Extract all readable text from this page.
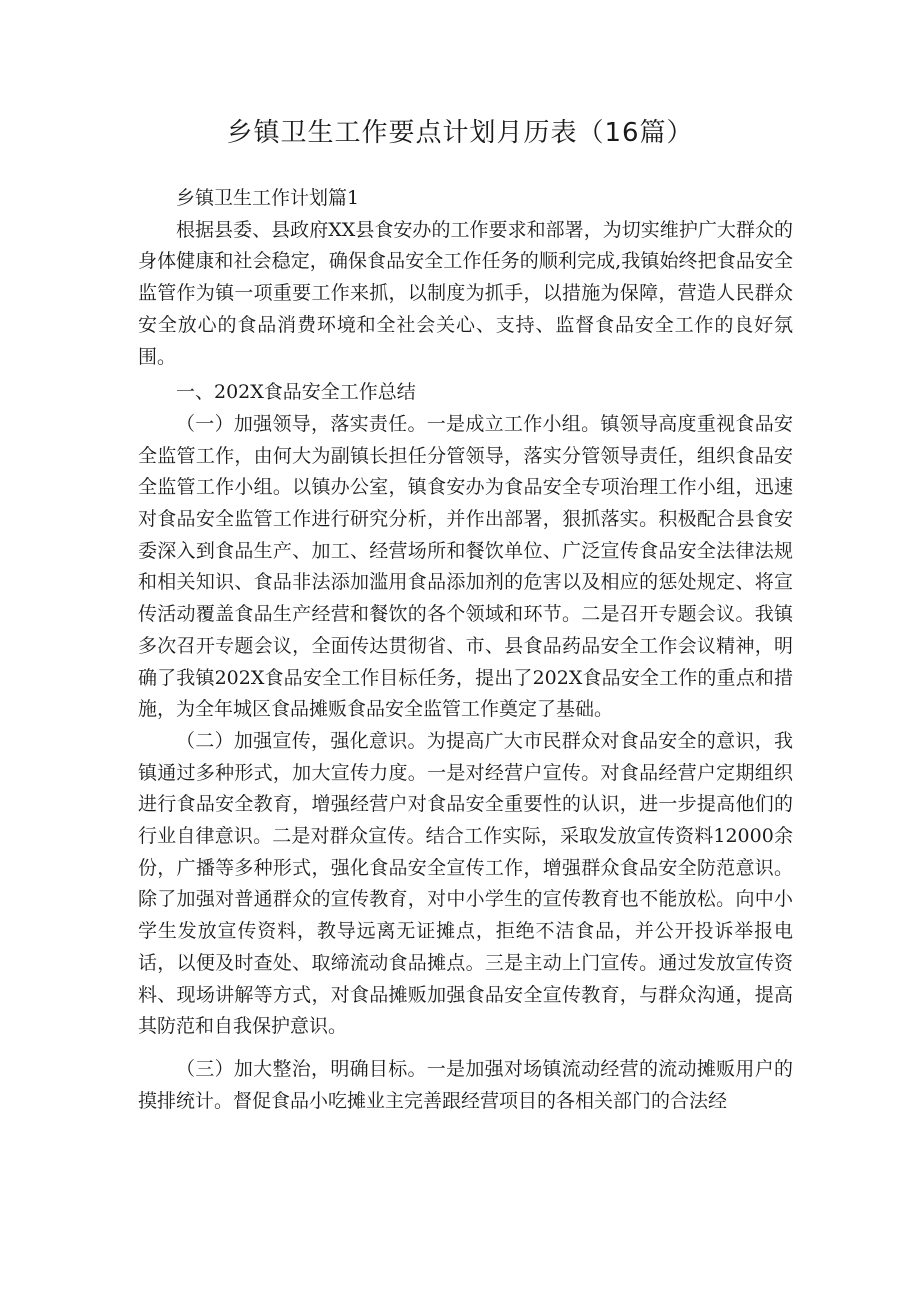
乡镇卫生工作要点计划月历表（16篇）

乡镇卫生工作计划篇1

根据县委、县政府XX县食安办的工作要求和部署，为切实维护广大群众的身体健康和社会稳定，确保食品安全工作任务的顺利完成,我镇始终把食品安全监管作为镇一项重要工作来抓，以制度为抓手，以措施为保障，营造人民群众安全放心的食品消费环境和全社会关心、支持、监督食品安全工作的良好氛围。

一、202X食品安全工作总结

（一）加强领导，落实责任。一是成立工作小组。镇领导高度重视食品安全监管工作，由何大为副镇长担任分管领导，落实分管领导责任，组织食品安全监管工作小组。以镇办公室，镇食安办为食品安全专项治理工作小组，迅速对食品安全监管工作进行研究分析，并作出部署，狠抓落实。积极配合县食安委深入到食品生产、加工、经营场所和餐饮单位、广泛宣传食品安全法律法规和相关知识、食品非法添加滥用食品添加剂的危害以及相应的惩处规定、将宣传活动覆盖食品生产经营和餐饮的各个领域和环节。二是召开专题会议。我镇多次召开专题会议，全面传达贯彻省、市、县食品药品安全工作会议精神，明确了我镇202X食品安全工作目标任务，提出了202X食品安全工作的重点和措施，为全年城区食品摊贩食品安全监管工作奠定了基础。

（二）加强宣传，强化意识。为提高广大市民群众对食品安全的意识，我镇通过多种形式，加大宣传力度。一是对经营户宣传。对食品经营户定期组织进行食品安全教育，增强经营户对食品安全重要性的认识，进一步提高他们的行业自律意识。二是对群众宣传。结合工作实际，采取发放宣传资料12000余份，广播等多种形式，强化食品安全宣传工作，增强群众食品安全防范意识。除了加强对普通群众的宣传教育，对中小学生的宣传教育也不能放松。向中小学生发放宣传资料，教导远离无证摊点，拒绝不洁食品，并公开投诉举报电话，以便及时查处、取缔流动食品摊点。三是主动上门宣传。通过发放宣传资料、现场讲解等方式，对食品摊贩加强食品安全宣传教育，与群众沟通，提高其防范和自我保护意识。

（三）加大整治，明确目标。一是加强对场镇流动经营的流动摊贩用户的摸排统计。督促食品小吃摊业主完善跟经营项目的各相关部门的合法经
